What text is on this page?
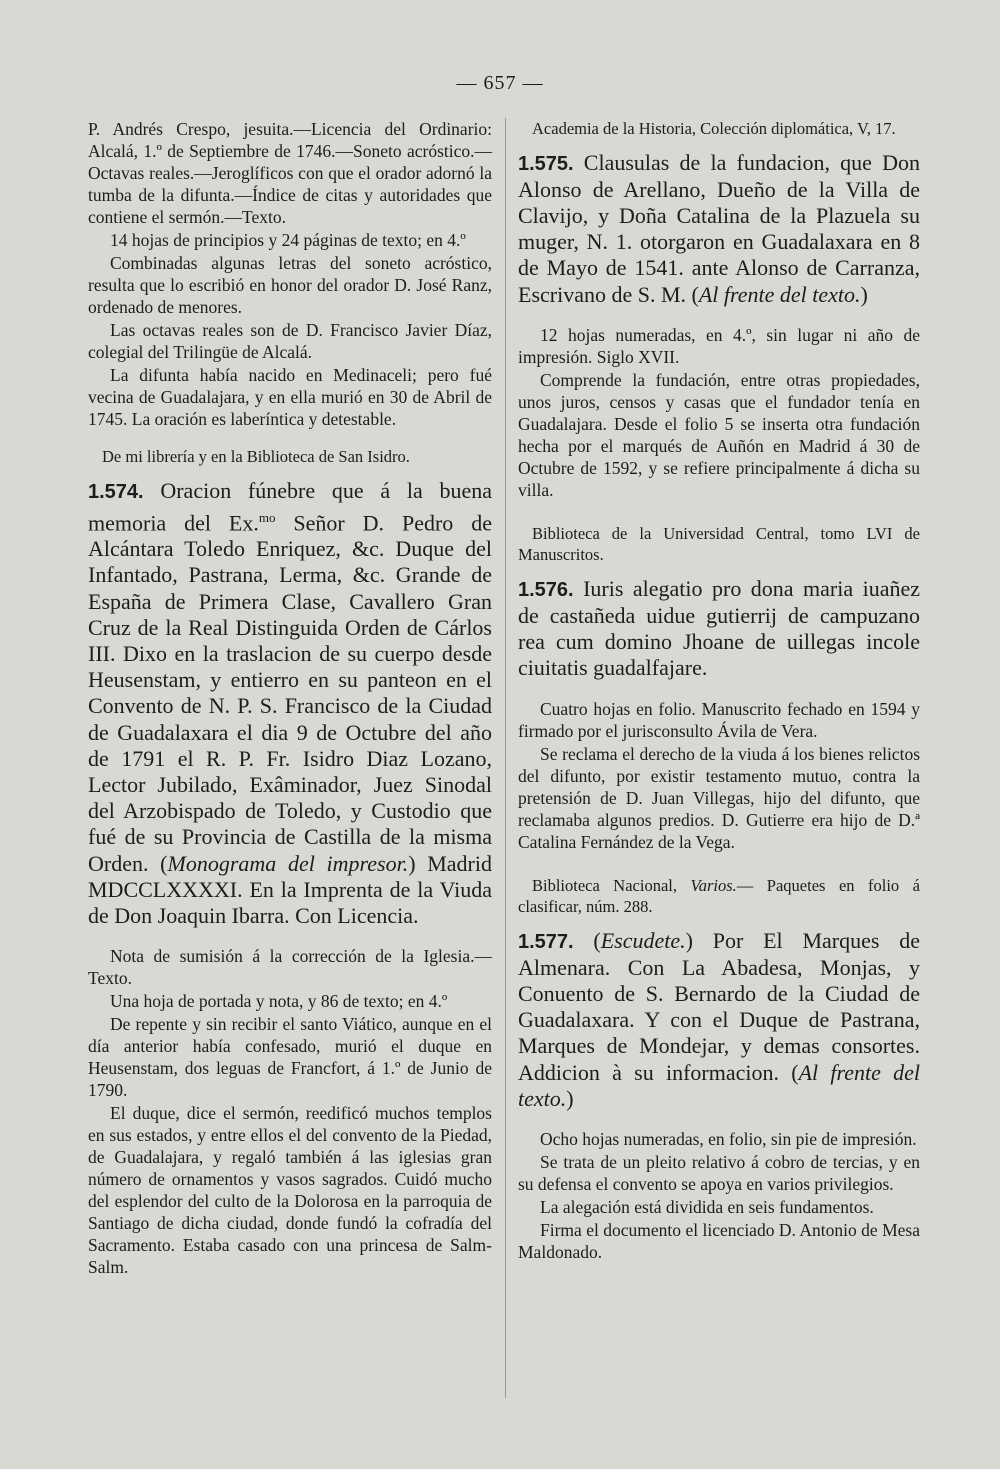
— 657 —

P. Andrés Crespo, jesuita.—Licencia del Ordinario: Alcalá, 1.º de Septiembre de 1746.—Soneto acróstico.—Octavas reales.—Jeroglíficos con que el orador adornó la tumba de la difunta.—Índice de citas y autoridades que contiene el sermón.—Texto.

14 hojas de principios y 24 páginas de texto; en 4.º

Combinadas algunas letras del soneto acróstico, resulta que lo escribió en honor del orador D. José Ranz, ordenado de menores.

Las octavas reales son de D. Francisco Javier Díaz, colegial del Trilingüe de Alcalá.

La difunta había nacido en Medinaceli; pero fué vecina de Guadalajara, y en ella murió en 30 de Abril de 1745. La oración es laberíntica y detestable.

De mi librería y en la Biblioteca de San Isidro.

1.574. Oracion fúnebre que á la buena memoria del Ex.$^{mo}$ Señor D. Pedro de Alcántara Toledo Enriquez, &c. Duque del Infantado, Pastrana, Lerma, &c. Grande de España de Primera Clase, Cavallero Gran Cruz de la Real Distinguida Orden de Cárlos III. Dixo en la traslacion de su cuerpo desde Heusenstam, y entierro en su panteon en el Convento de N. P. S. Francisco de la Ciudad de Guadalaxara el dia 9 de Octubre del año de 1791 el R. P. Fr. Isidro Diaz Lozano, Lector Jubilado, Exâminador, Juez Sinodal del Arzobispado de Toledo, y Custodio que fué de su Provincia de Castilla de la misma Orden. (Monograma del impresor.) Madrid MDCCLXXXXI. En la Imprenta de la Viuda de Don Joaquin Ibarra. Con Licencia.

Nota de sumisión á la corrección de la Iglesia.—Texto.

Una hoja de portada y nota, y 86 de texto; en 4.º

De repente y sin recibir el santo Viático, aunque en el día anterior había confesado, murió el duque en Heusenstam, dos leguas de Francfort, á 1.º de Junio de 1790.

El duque, dice el sermón, reedificó muchos templos en sus estados, y entre ellos el del convento de la Piedad, de Guadalajara, y regaló también á las iglesias gran número de ornamentos y vasos sagrados. Cuidó mucho del esplendor del culto de la Dolorosa en la parroquia de Santiago de dicha ciudad, donde fundó la cofradía del Sacramento. Estaba casado con una princesa de Salm-Salm.

Academia de la Historia, Colección diplomática, V, 17.

1.575. Clausulas de la fundacion, que Don Alonso de Arellano, Dueño de la Villa de Clavijo, y Doña Catalina de la Plazuela su muger, N. 1. otorgaron en Guadalaxara en 8 de Mayo de 1541. ante Alonso de Carranza, Escrivano de S. M. (Al frente del texto.)

12 hojas numeradas, en 4.º, sin lugar ni año de impresión. Siglo XVII.

Comprende la fundación, entre otras propiedades, unos juros, censos y casas que el fundador tenía en Guadalajara. Desde el folio 5 se inserta otra fundación hecha por el marqués de Auñón en Madrid á 30 de Octubre de 1592, y se refiere principalmente á dicha su villa.

Biblioteca de la Universidad Central, tomo LVI de Manuscritos.

1.576. Iuris alegatio pro dona maria iuañez de castañeda uidue gutierrij de campuzano rea cum domino Jhoane de uillegas incole ciuitatis guadalfajare.

Cuatro hojas en folio. Manuscrito fechado en 1594 y firmado por el jurisconsulto Ávila de Vera.

Se reclama el derecho de la viuda á los bienes relictos del difunto, por existir testamento mutuo, contra la pretensión de D. Juan Villegas, hijo del difunto, que reclamaba algunos predios. D. Gutierre era hijo de D.ª Catalina Fernández de la Vega.

Biblioteca Nacional, Varios.— Paquetes en folio á clasificar, núm. 288.

1.577. (Escudete.) Por El Marques de Almenara. Con La Abadesa, Monjas, y Conuento de S. Bernardo de la Ciudad de Guadalaxara. Y con el Duque de Pastrana, Marques de Mondejar, y demas consortes. Addicion à su informacion. (Al frente del texto.)

Ocho hojas numeradas, en folio, sin pie de impresión.

Se trata de un pleito relativo á cobro de tercias, y en su defensa el convento se apoya en varios privilegios.

La alegación está dividida en seis fundamentos.

Firma el documento el licenciado D. Antonio de Mesa Maldonado.
